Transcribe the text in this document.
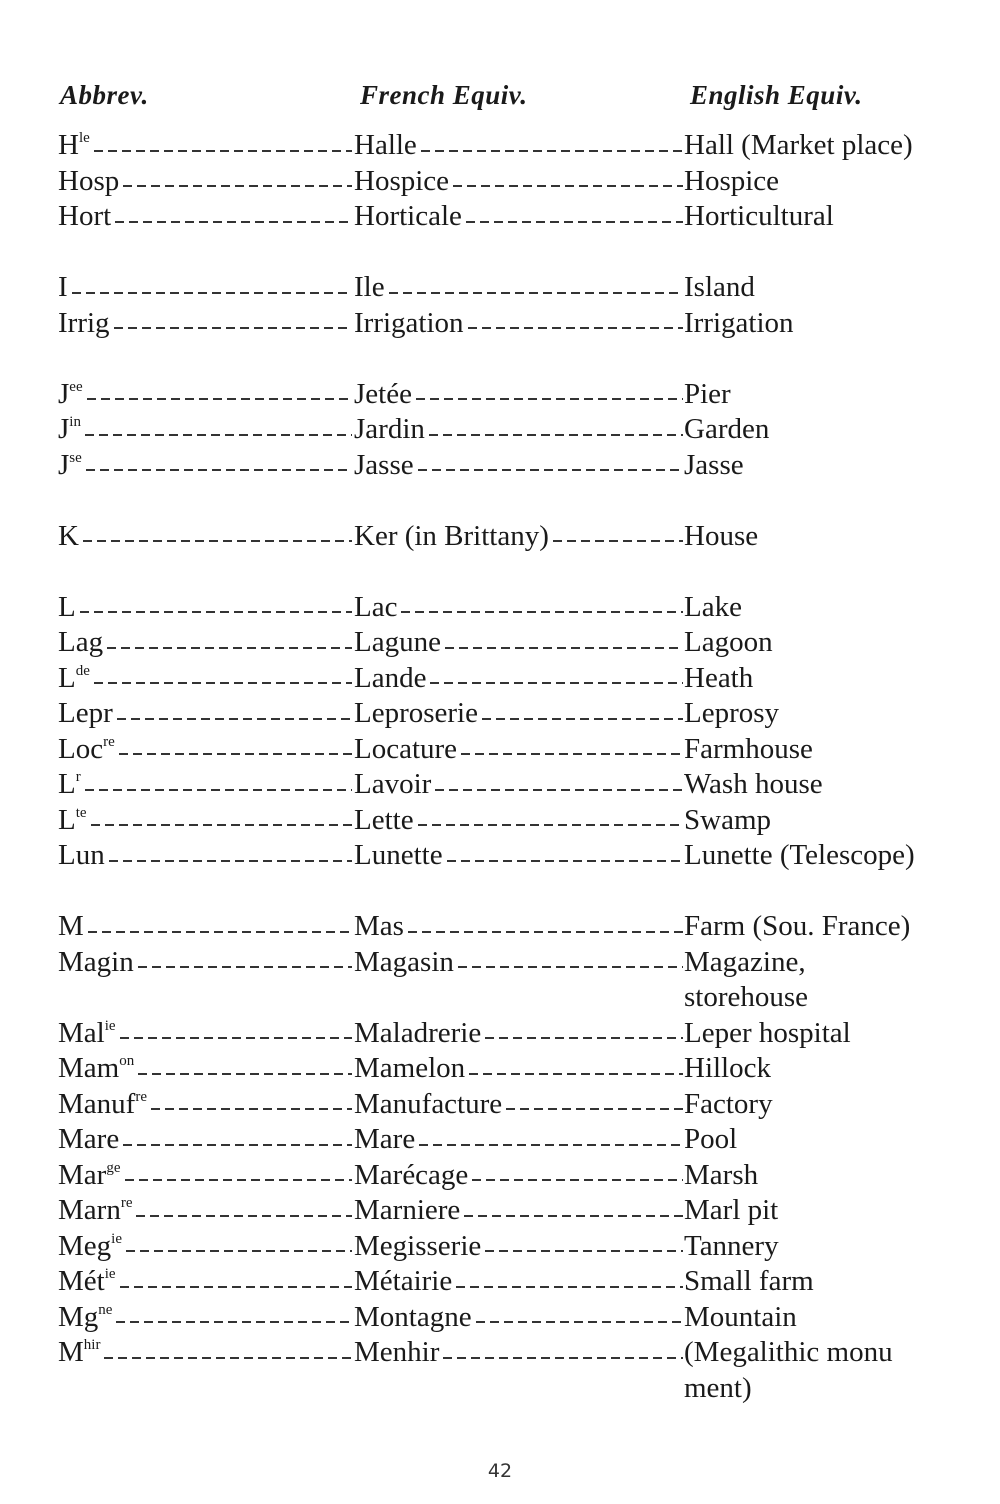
Abbrev.	French Equiv.	English Equiv.
$H^{le}$	Halle	Hall (Market place)
Hosp	Hospice	Hospice
Hort	Horticale	Horticultural
I	Ile	Island
Irrig	Irrigation	Irrigation
$J^{ee}$	Jetée	Pier
$J^{in}$	Jardin	Garden
$J^{se}$	Jasse	Jasse
K	Ker (in Brittany)	House
L	Lac	Lake
Lag	Lagune	Lagoon
Lde	Lande	Heath
Lepr	Leproserie	Leprosy
Loc$^{re}$	Locature	Farmhouse
$L^r$	Lavoir	Wash house
$L^{te}$	Lette	Swamp
Lun	Lunette	Lunette (Telescope)
M	Mas	Farm (Sou. France)
Magin	Magasin	Magazine,
storehouse
Mal$^{ie}$	Maladrerie	Leper hospital
Mam$^{on}$	Mamelon	Hillock
Manuf$^{re}$	Manufacture	Factory
Mare	Mare	Pool
Mar$^{ge}$	Marécage	Marsh
Marn$^{re}$	Marniere	Marl pit
Meg$^{ie}$	Megisserie	Tannery
Mét$^{ie}$	Métairie	Small farm
$Mg^{ne}$	Montagne	Mountain
$M^{hir}$	Menhir	(Megalithic monu
ment)
42
